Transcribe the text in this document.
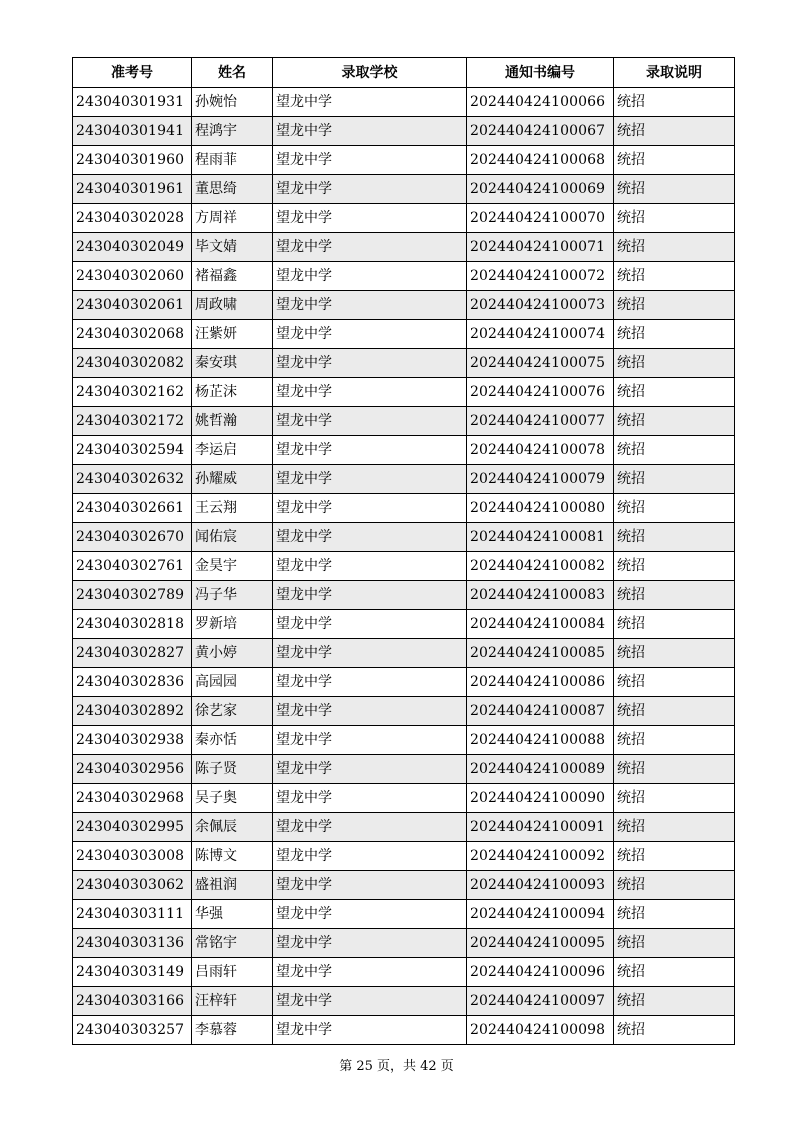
准考号	姓名	录取学校	通知书编号	录取说明
243040301931	孙婉怡	望龙中学	202440424100066	统招
243040301941	程鸿宇	望龙中学	202440424100067	统招
243040301960	程雨菲	望龙中学	202440424100068	统招
243040301961	董思绮	望龙中学	202440424100069	统招
243040302028	方周祥	望龙中学	202440424100070	统招
243040302049	毕文婧	望龙中学	202440424100071	统招
243040302060	褚福鑫	望龙中学	202440424100072	统招
243040302061	周政啸	望龙中学	202440424100073	统招
243040302068	汪紫妍	望龙中学	202440424100074	统招
243040302082	秦安琪	望龙中学	202440424100075	统招
243040302162	杨芷沫	望龙中学	202440424100076	统招
243040302172	姚哲瀚	望龙中学	202440424100077	统招
243040302594	李运启	望龙中学	202440424100078	统招
243040302632	孙耀威	望龙中学	202440424100079	统招
243040302661	王云翔	望龙中学	202440424100080	统招
243040302670	闻佑宸	望龙中学	202440424100081	统招
243040302761	金昊宇	望龙中学	202440424100082	统招
243040302789	冯子华	望龙中学	202440424100083	统招
243040302818	罗新培	望龙中学	202440424100084	统招
243040302827	黄小婷	望龙中学	202440424100085	统招
243040302836	高园园	望龙中学	202440424100086	统招
243040302892	徐艺家	望龙中学	202440424100087	统招
243040302938	秦亦恬	望龙中学	202440424100088	统招
243040302956	陈子贤	望龙中学	202440424100089	统招
243040302968	吴子奥	望龙中学	202440424100090	统招
243040302995	余佩辰	望龙中学	202440424100091	统招
243040303008	陈博文	望龙中学	202440424100092	统招
243040303062	盛祖润	望龙中学	202440424100093	统招
243040303111	华强	望龙中学	202440424100094	统招
243040303136	常铭宇	望龙中学	202440424100095	统招
243040303149	吕雨轩	望龙中学	202440424100096	统招
243040303166	汪梓轩	望龙中学	202440424100097	统招
243040303257	李慕蓉	望龙中学	202440424100098	统招
第 25 页，共 42 页
